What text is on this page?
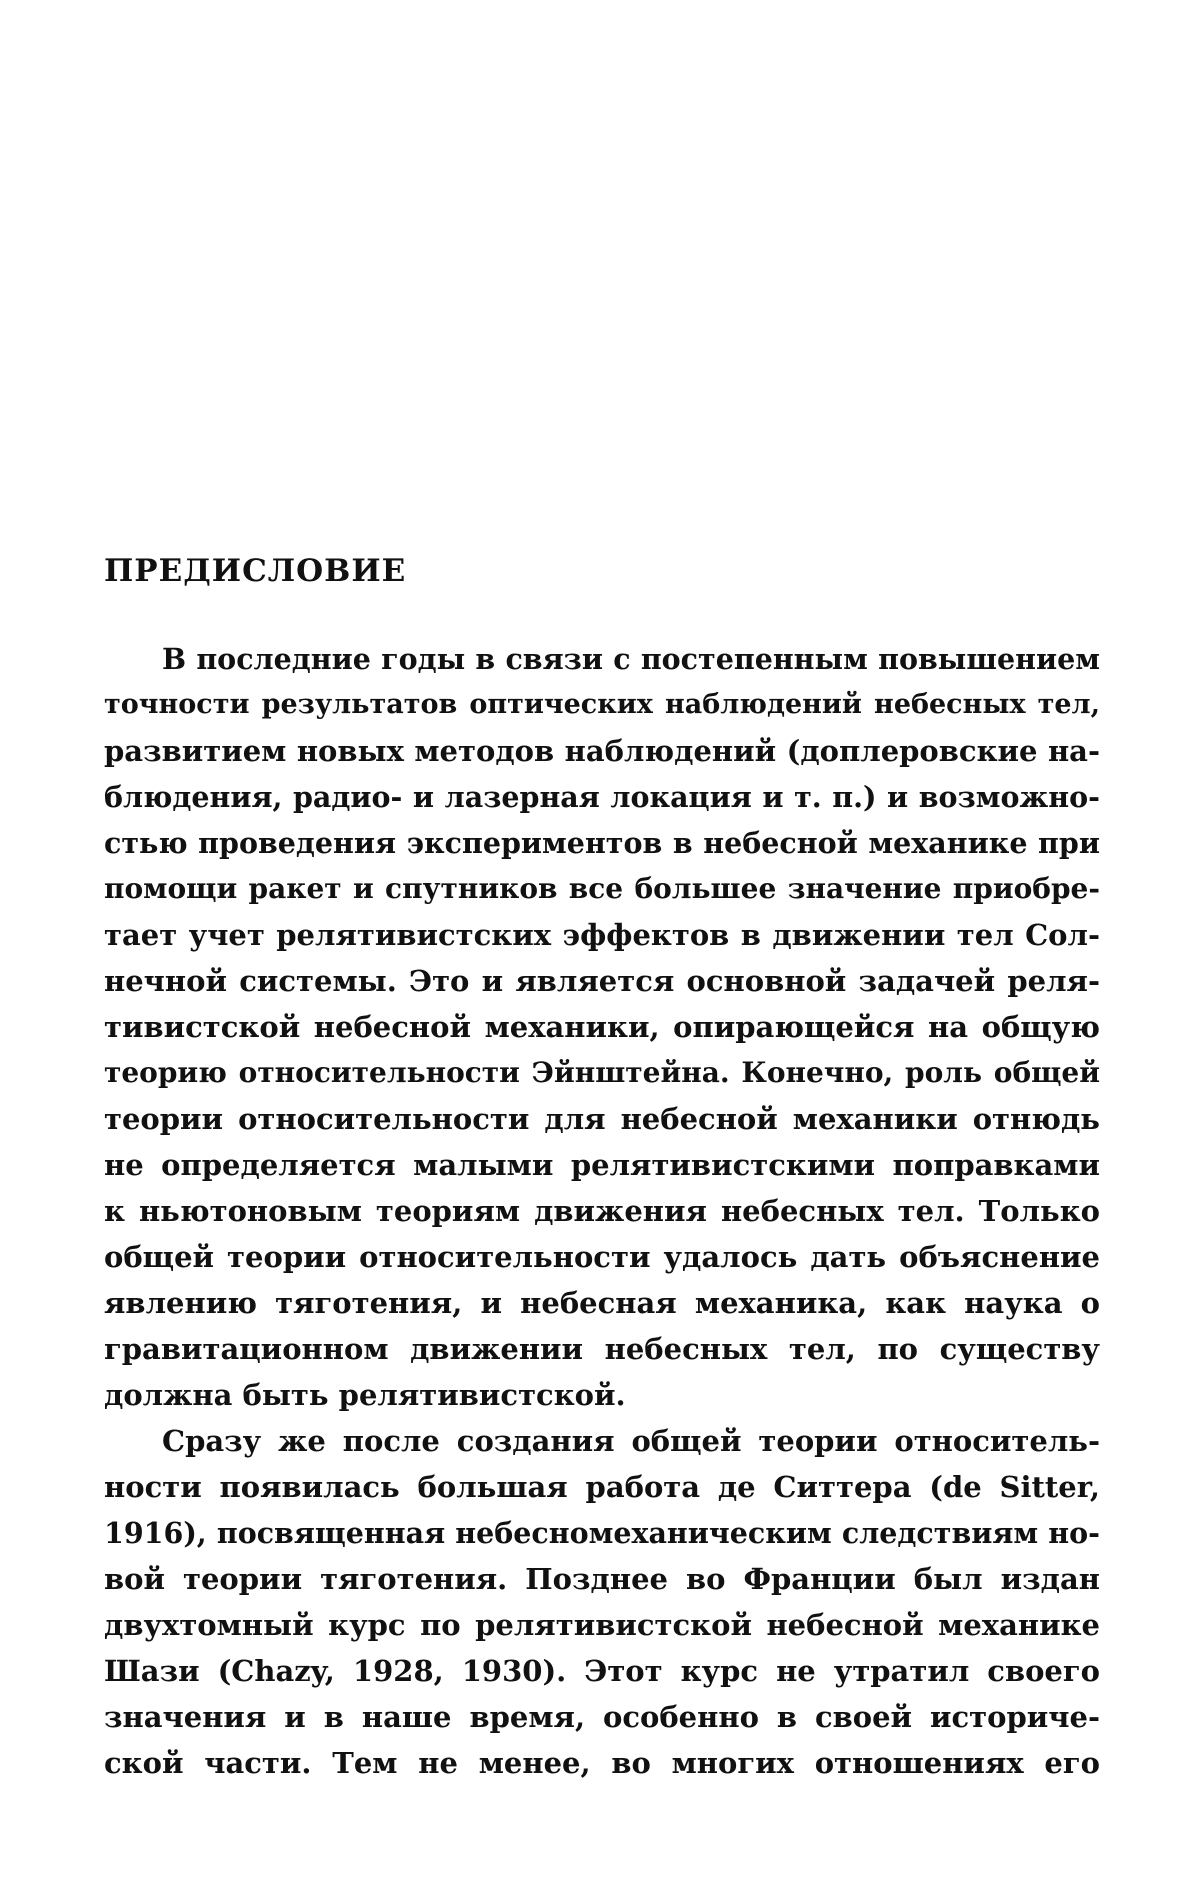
ПРЕДИСЛОВИЕ
В последние годы в связи с постепенным повышением
точности результатов оптических наблюдений небесных тел,
развитием новых методов наблюдений (доплеровские на-
блюдения, радио- и лазерная локация и т. п.) и возможно-
стью проведения экспериментов в небесной механике при
помощи ракет и спутников все большее значение приобре-
тает учет релятивистских эффектов в движении тел Сол-
нечной системы. Это и является основной задачей реля-
тивистской небесной механики, опирающейся на общую
теорию относительности Эйнштейна. Конечно, роль общей
теории относительности для небесной механики отнюдь
не определяется малыми релятивистскими поправками
к ньютоновым теориям движения небесных тел. Только
общей теории относительности удалось дать объяснение
явлению тяготения, и небесная механика, как наука о
гравитационном движении небесных тел, по существу
должна быть релятивистской.
Сразу же после создания общей теории относитель-
ности появилась большая работа де Ситтера (de Sitter,
1916), посвященная небесномеханическим следствиям но-
вой теории тяготения. Позднее во Франции был издан
двухтомный курс по релятивистской небесной механике
Шази (Chazy, 1928, 1930). Этот курс не утратил своего
значения и в наше время, особенно в своей историче-
ской части. Тем не менее, во многих отношениях его
